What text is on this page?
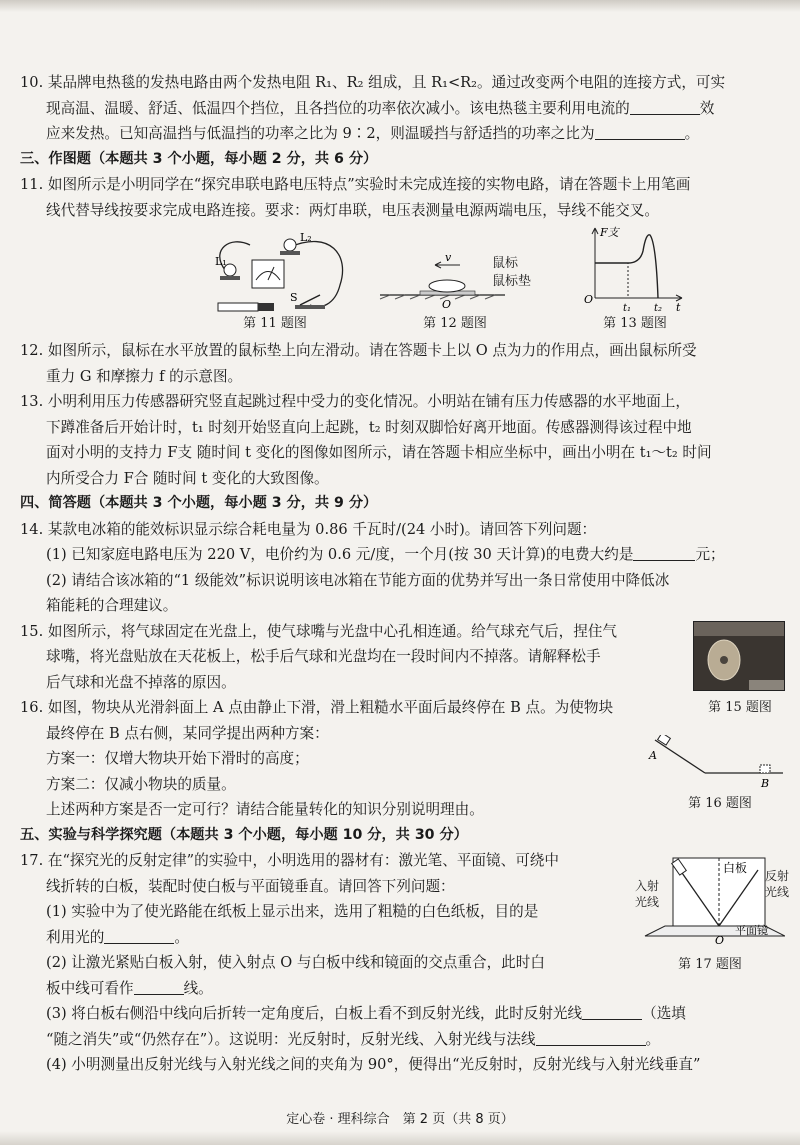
10. 某品牌电热毯的发热电路由两个发热电阻 R₁、R₂ 组成，且 R₁<R₂。通过改变两个电阻的连接方式，可实

现高温、温暖、舒适、低温四个挡位，且各挡位的功率依次减小。该电热毯主要利用电流的	效

应来发热。已知高温挡与低温挡的功率之比为 9∶2，则温暖挡与舒适挡的功率之比为	。

三、作图题（本题共 3 个小题，每小题 2 分，共 6 分）

11. 如图所示是小明同学在“探究串联电路电压特点”实验时未完成连接的实物电路，请在答题卡上用笔画

线代替导线按要求完成电路连接。要求：两灯串联，电压表测量电源两端电压，导线不能交叉。

L₁
L₂
S
第 11 题图
v
O
鼠标
鼠标垫
第 12 题图
F支
O
t₁ t₂ t
第 13 题图

12. 如图所示，鼠标在水平放置的鼠标垫上向左滑动。请在答题卡上以 O 点为力的作用点，画出鼠标所受

重力 G 和摩擦力 f 的示意图。

13. 小明利用压力传感器研究竖直起跳过程中受力的变化情况。小明站在铺有压力传感器的水平地面上，

下蹲准备后开始计时，t₁ 时刻开始竖直向上起跳，t₂ 时刻双脚恰好离开地面。传感器测得该过程中地

面对小明的支持力 F支 随时间 t 变化的图像如图所示，请在答题卡相应坐标中，画出小明在 t₁～t₂ 时间

内所受合力 F合 随时间 t 变化的大致图像。

四、简答题（本题共 3 个小题，每小题 3 分，共 9 分）

14. 某款电冰箱的能效标识显示综合耗电量为 0.86 千瓦时/(24 小时)。请回答下列问题：

(1) 已知家庭电路电压为 220 V，电价约为 0.6 元/度，一个月(按 30 天计算)的电费大约是	元；

(2) 请结合该冰箱的“1 级能效”标识说明该电冰箱在节能方面的优势并写出一条日常使用中降低冰

箱能耗的合理建议。

15. 如图所示，将气球固定在光盘上，使气球嘴与光盘中心孔相连通。给气球充气后，捏住气

球嘴，将光盘贴放在天花板上，松手后气球和光盘均在一段时间内不掉落。请解释松手

后气球和光盘不掉落的原因。

第 15 题图
A
B
第 16 题图

16. 如图，物块从光滑斜面上 A 点由静止下滑，滑上粗糙水平面后最终停在 B 点。为使物块

最终停在 B 点右侧，某同学提出两种方案：

方案一：仅增大物块开始下滑时的高度；

方案二：仅减小物块的质量。

上述两种方案是否一定可行？请结合能量转化的知识分别说明理由。

五、实验与科学探究题（本题共 3 个小题，每小题 10 分，共 30 分）

白板
O
平面镜
入射光线
反射光线
第 17 题图

17. 在“探究光的反射定律”的实验中，小明选用的器材有：激光笔、平面镜、可绕中

线折转的白板，装配时使白板与平面镜垂直。请回答下列问题：

(1) 实验中为了使光路能在纸板上显示出来，选用了粗糙的白色纸板，目的是

利用光的	。

(2) 让激光紧贴白板入射，使入射点 O 与白板中线和镜面的交点重合，此时白

板中线可看作	线。

(3) 将白板右侧沿中线向后折转一定角度后，白板上看不到反射光线，此时反射光线	（选填

“随之消失”或“仍然存在”）。这说明：光反射时，反射光线、入射光线与法线	。

(4) 小明测量出反射光线与入射光线之间的夹角为 90°，便得出“光反射时，反射光线与入射光线垂直”

定心卷 · 理科综合　第 2 页（共 8 页）
